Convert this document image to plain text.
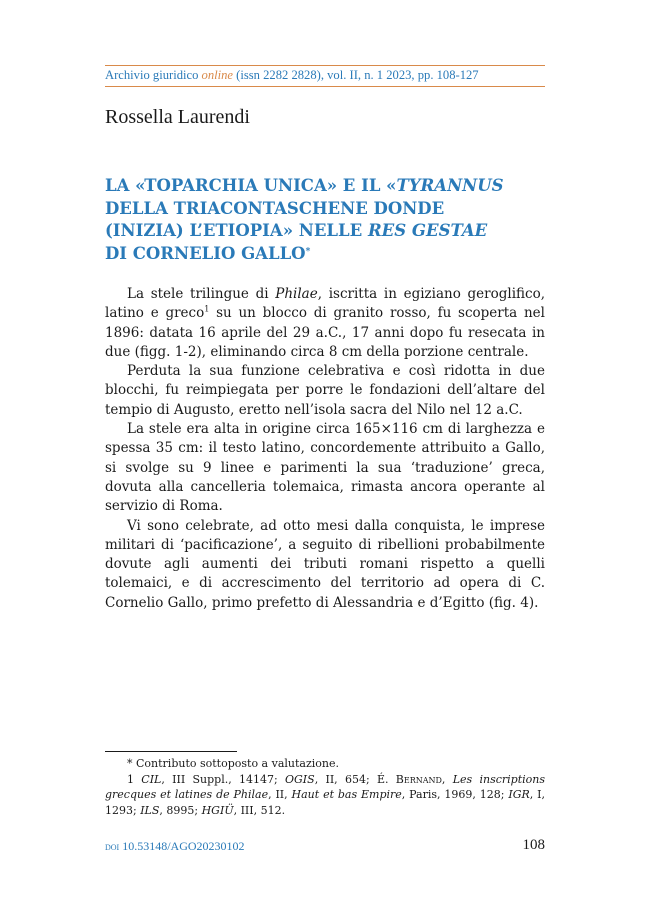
Archivio giuridico online (issn 2282 2828), vol. II, n. 1 2023, pp. 108-127
Rossella Laurendi
LA «TOPARCHIA UNICA» E IL «TYRANNUS
DELLA TRIACONTASCHENE DONDE
(INIZIA) L’ETIOPIA» NELLE RES GESTAE
DI CORNELIO GALLO*

La stele trilingue di Philae, iscritta in egiziano geroglifico, latino e greco$^1$ su un blocco di granito rosso, fu scoperta nel 1896: datata 16 aprile del 29 a.C., 17 anni dopo fu resecata in due (figg. 1-2), eliminando circa 8 cm della porzione centrale.

Perduta la sua funzione celebrativa e così ridotta in due blocchi, fu reimpiegata per porre le fondazioni dell’altare del tempio di Augusto, eretto nell’isola sacra del Nilo nel 12 a.C.

La stele era alta in origine circa 165×116 cm di larghezza e spessa 35 cm: il testo latino, concordemente attribuito a Gallo, si svolge su 9 linee e parimenti la sua ‘traduzione’ greca, dovuta alla cancelleria tolemaica, rimasta ancora operante al servizio di Roma.

Vi sono celebrate, ad otto mesi dalla conquista, le imprese militari di ‘pacificazione’, a seguito di ribellioni probabilmente dovute agli aumenti dei tributi romani rispetto a quelli tolemaici, e di accrescimento del territorio ad opera di C. Cornelio Gallo, primo prefetto di Alessandria e d’Egitto (fig. 4).

* Contributo sottoposto a valutazione.

1 CIL, III Suppl., 14147; OGIS, II, 654; É. Bernand, Les inscriptions grecques et latines de Philae, II, Haut et bas Empire, Paris, 1969, 128; IGR, I, 1293; ILS, 8995; HGIÜ, III, 512.

doi 10.53148/AGO20230102	108
